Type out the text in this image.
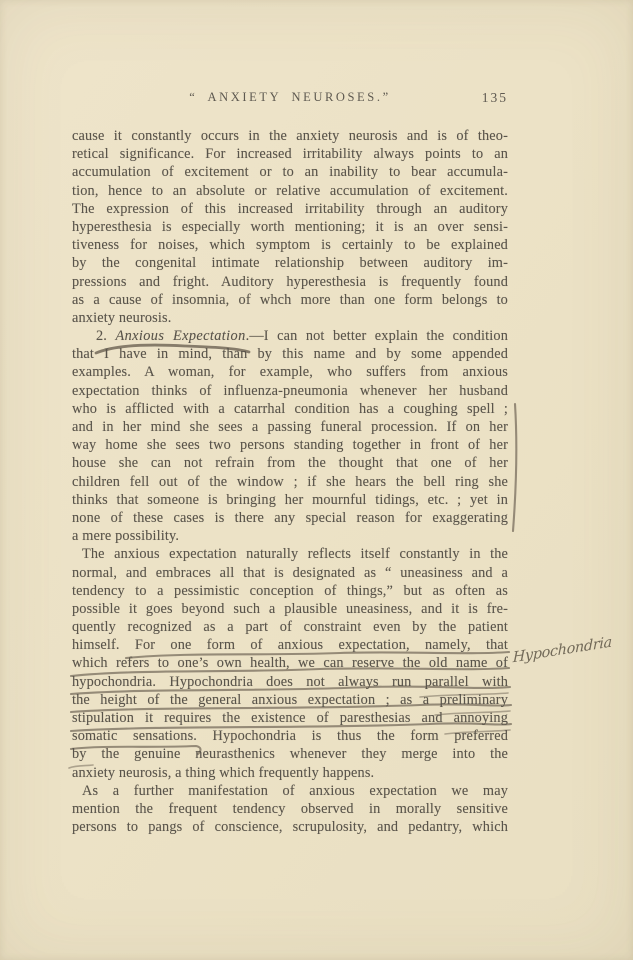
“ ANXIETY NEUROSES.”	135
cause it constantly occurs in the anxiety neurosis and is of theo-
retical significance. For increased irritability always points to an
accumulation of excitement or to an inability to bear accumula-
tion, hence to an absolute or relative accumulation of excitement.
The expression of this increased irritability through an auditory
hyperesthesia is especially worth mentioning; it is an over sensi-
tiveness for noises, which symptom is certainly to be explained
by the congenital intimate relationship between auditory im-
pressions and fright. Auditory hyperesthesia is frequently found
as a cause of insomnia, of whch more than one form belongs to
anxiety neurosis.
2. Anxious Expectation.—I can not better explain the condition
that I have in mind, than by this name and by some appended
examples. A woman, for example, who suffers from anxious
expectation thinks of influenza-pneumonia whenever her husband
who is afflicted with a catarrhal condition has a coughing spell ;
and in her mind she sees a passing funeral procession. If on her
way home she sees two persons standing together in front of her
house she can not refrain from the thought that one of her
children fell out of the window ; if she hears the bell ring she
thinks that someone is bringing her mournful tidings, etc. ; yet in
none of these cases is there any special reason for exaggerating
a mere possibility.
The anxious expectation naturally reflects itself constantly in the
normal, and embraces all that is designated as “ uneasiness and a
tendency to a pessimistic conception of things,” but as often as
possible it goes beyond such a plausible uneasiness, and it is fre-
quently recognized as a part of constraint even by the patient
himself. For one form of anxious expectation, namely, that
which refers to one’s own health, we can reserve the old name of
hypochondria. Hypochondria does not always run parallel with
the height of the general anxious expectation ; as a preliminary
stipulation it requires the existence of paresthesias and annoying
somatic sensations. Hypochondria is thus the form preferred
by the genuine neurasthenics whenever they merge into the
anxiety neurosis, a thing which frequently happens.
As a further manifestation of anxious expectation we may
mention the frequent tendency observed in morally sensitive
persons to pangs of conscience, scrupulosity, and pedantry, which
Hypochondria
